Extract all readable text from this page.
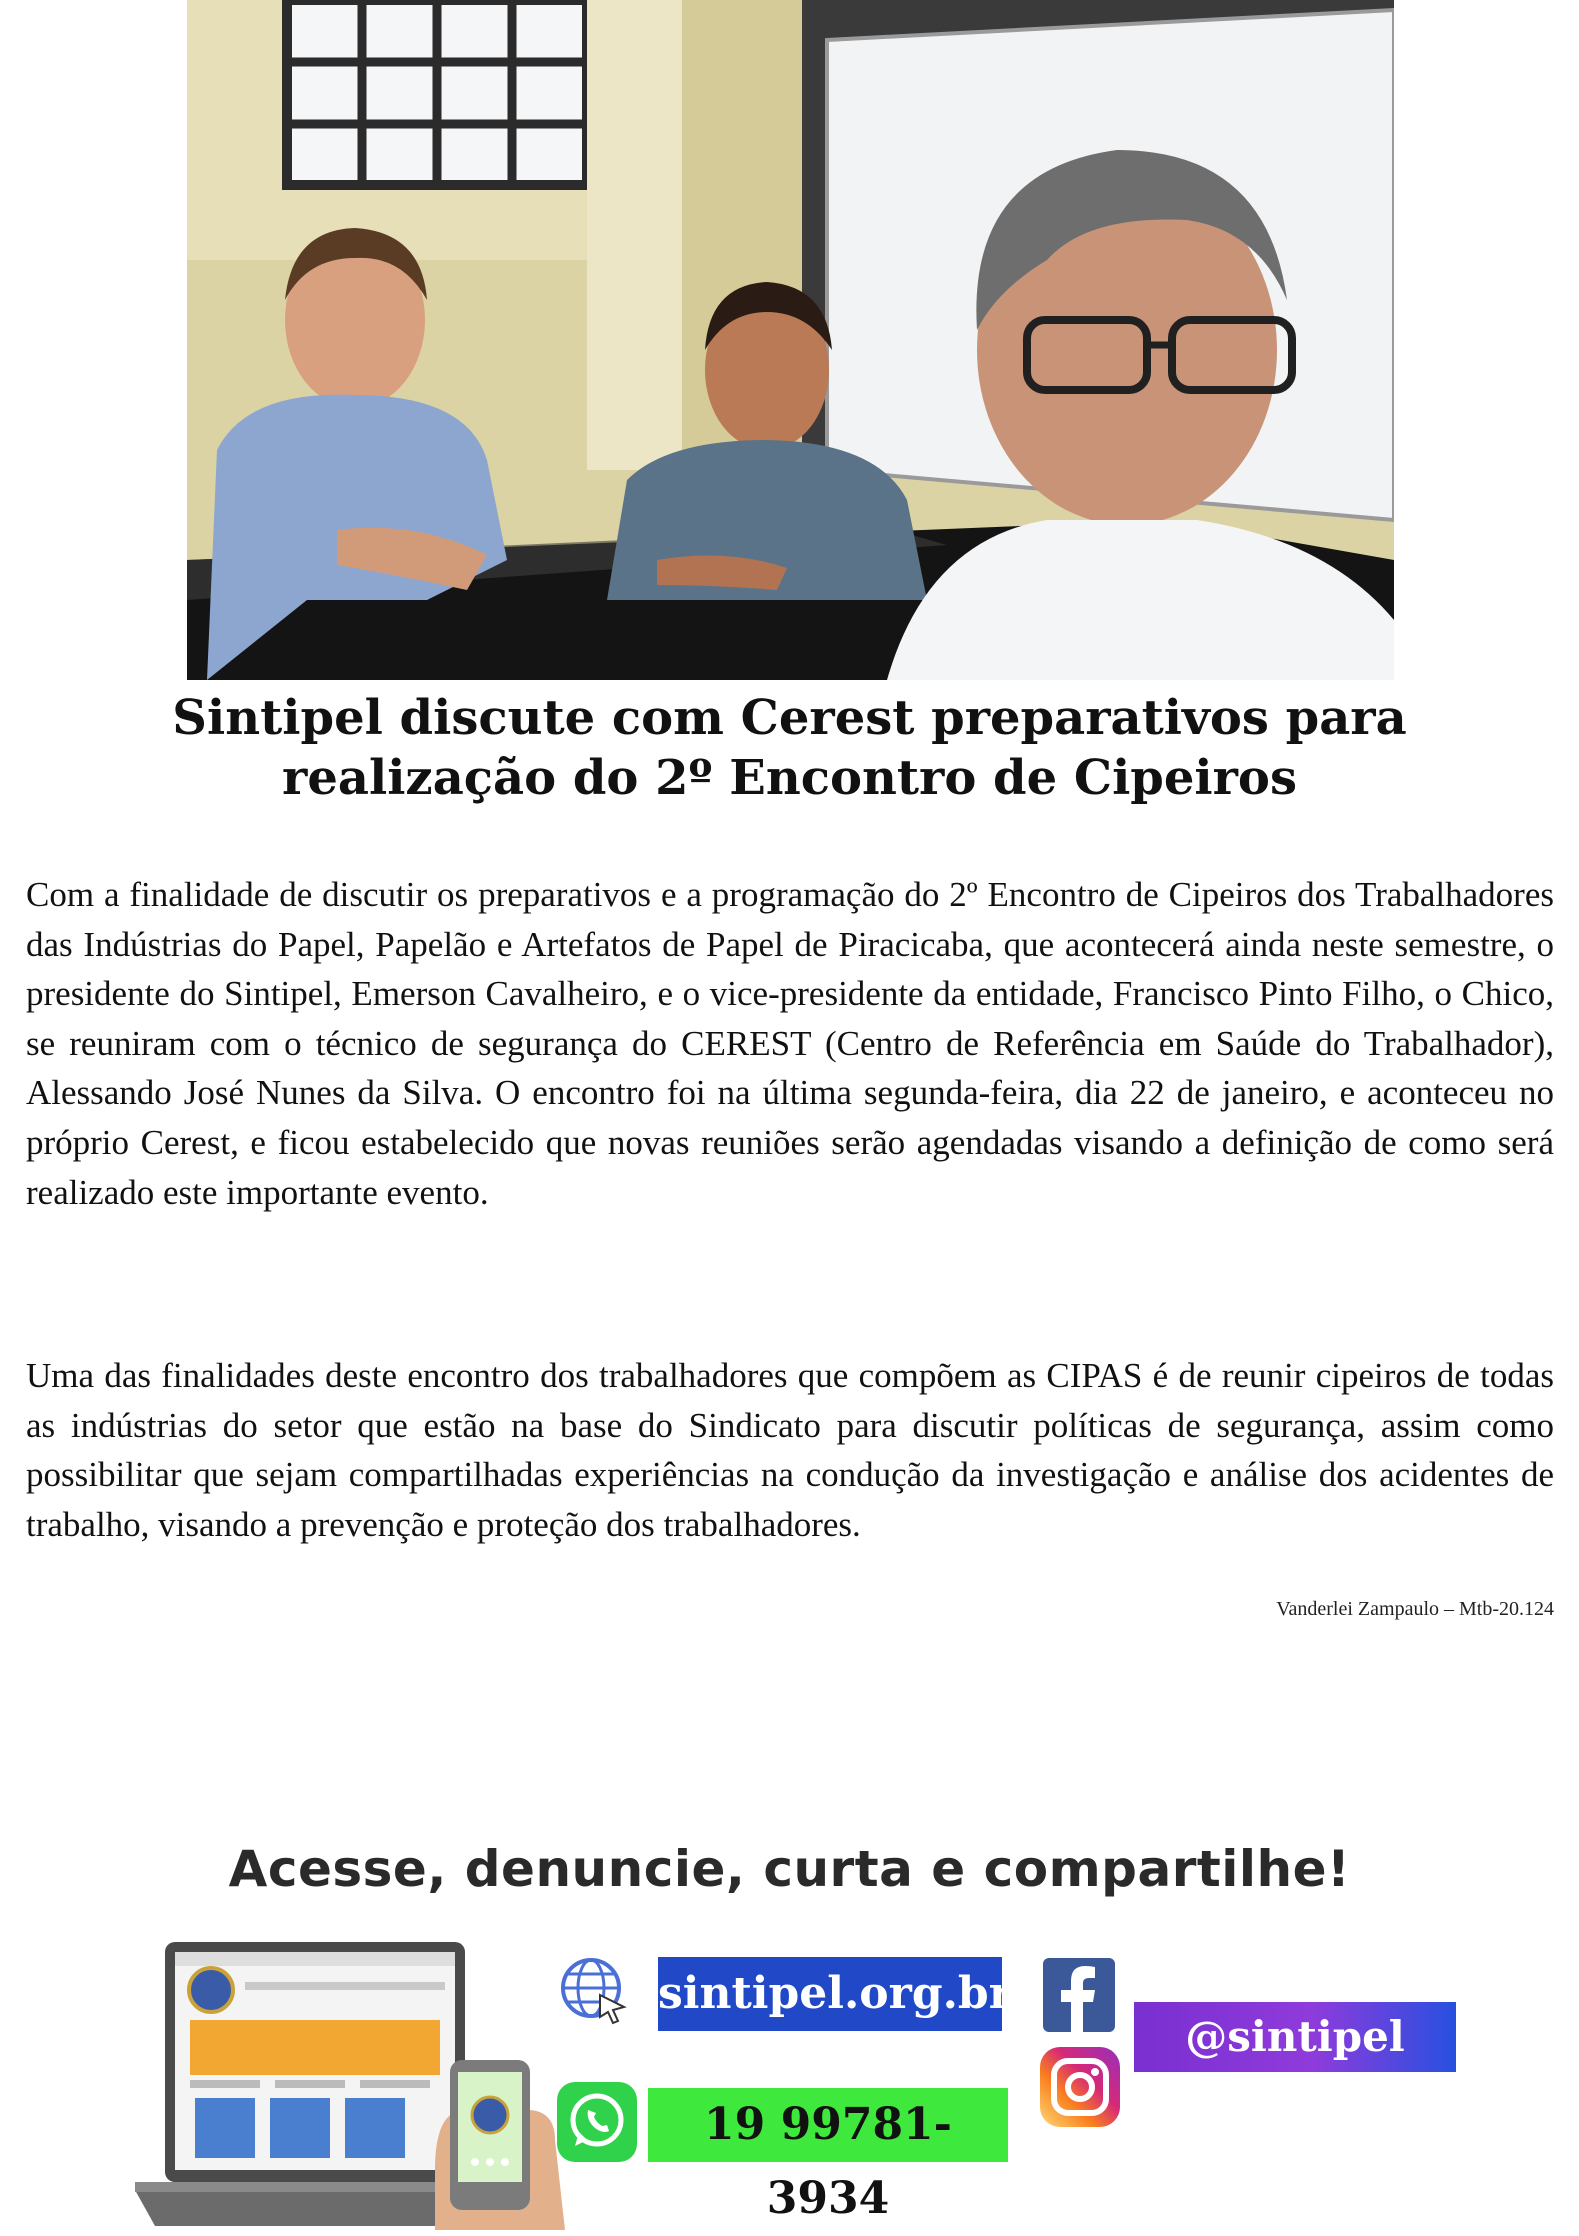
Sintipel discute com Cerest preparativos para
realização do 2º Encontro de Cipeiros

Com a finalidade de discutir os preparativos e a programação do 2º Encontro de Cipeiros dos Trabalhadores das Indústrias do Papel, Papelão e Artefatos de Papel de Piracicaba, que acontecerá ainda neste semestre, o presidente do Sintipel, Emerson Cavalheiro, e o vice-presidente da entidade, Francisco Pinto Filho, o Chico, se reuniram com o técnico de segurança do CEREST (Centro de Referência em Saúde do Trabalhador), Alessando José Nunes da Silva. O encontro foi na última segunda-feira, dia 22 de janeiro, e aconteceu no próprio Cerest, e ficou estabelecido que novas reuniões serão agendadas visando a definição de como será realizado este importante evento.

Uma das finalidades deste encontro dos trabalhadores que compõem as CIPAS é de reunir cipeiros de todas as indústrias do setor que estão na base do Sindicato para discutir políticas de segurança, assim como possibilitar que sejam compartilhadas experiências na condução da investigação e análise dos acidentes de trabalho, visando a prevenção e proteção dos trabalhadores.

Vanderlei Zampaulo – Mtb-20.124
Acesse, denuncie, curta e compartilhe!
sintipel.org.br
19 99781-3934
@sintipel
